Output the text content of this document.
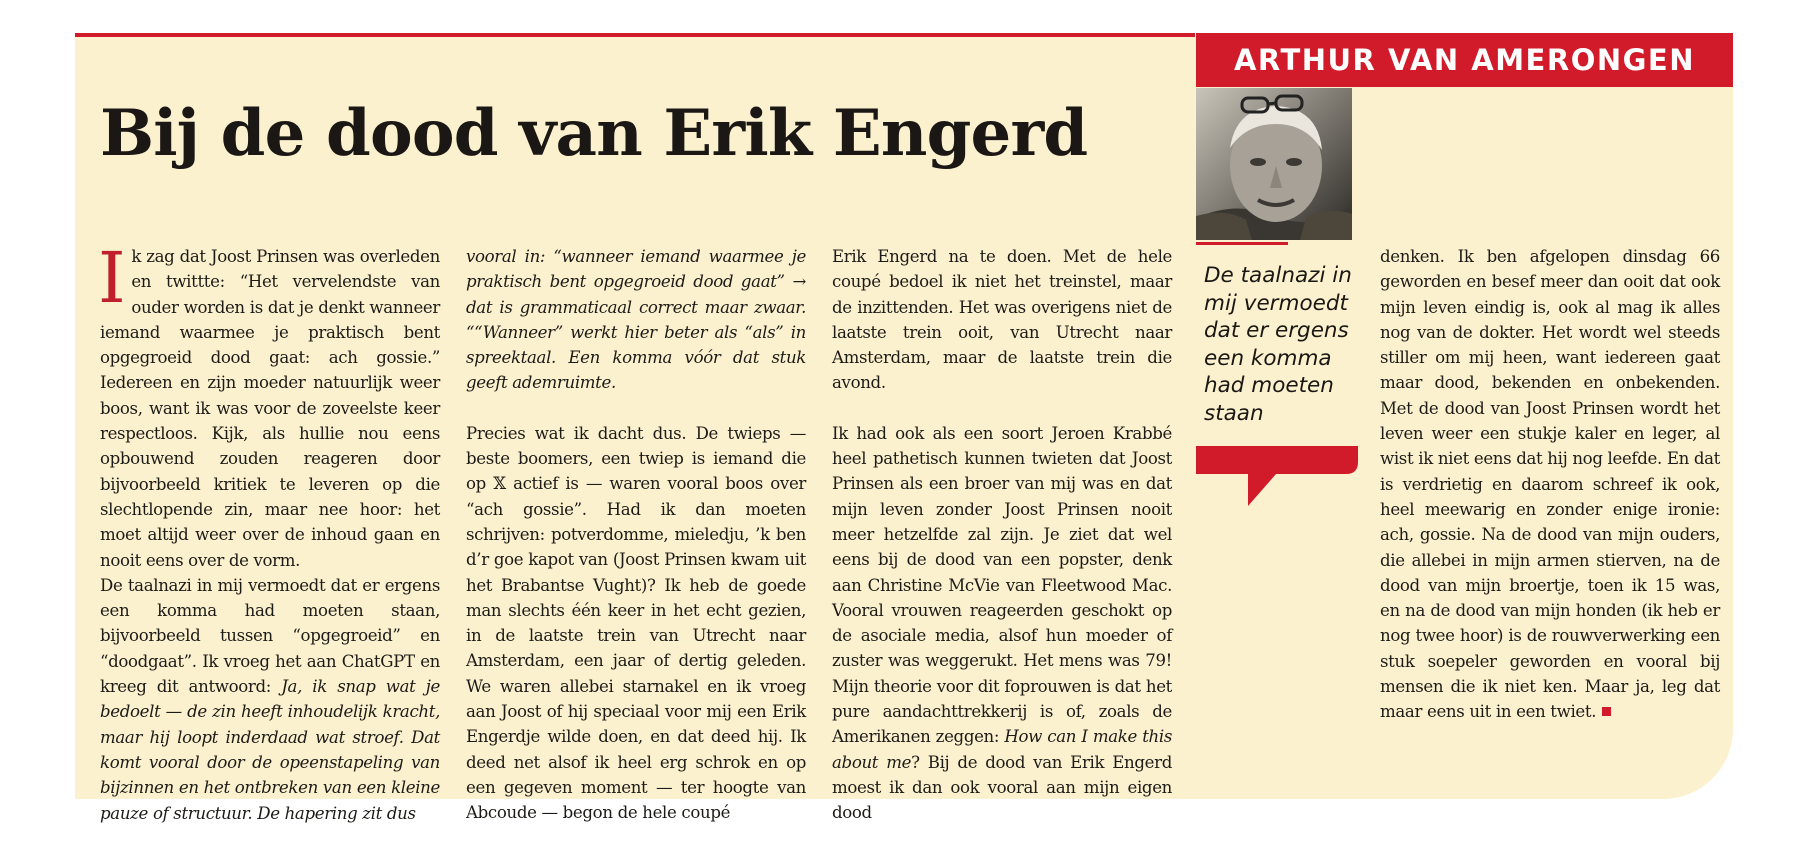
ARTHUR VAN AMERONGEN
Bij de dood van Erik Engerd

Ik zag dat Joost Prinsen was overleden en twittte: “Het vervelendste van ouder worden is dat je denkt wanneer iemand waarmee je praktisch bent opgegroeid dood gaat: ach gossie.” Iedereen en zijn moeder natuurlijk weer boos, want ik was voor de zoveelste keer respectloos. Kijk, als hullie nou eens opbouwend zouden reageren door bijvoorbeeld kritiek te leveren op die slechtlopende zin, maar nee hoor: het moet altijd weer over de inhoud gaan en nooit eens over de vorm.

De taalnazi in mij vermoedt dat er ergens een komma had moeten staan, bijvoorbeeld tussen “opgegroeid” en “doodgaat”. Ik vroeg het aan ChatGPT en kreeg dit antwoord: Ja, ik snap wat je bedoelt — de zin heeft inhoudelijk kracht, maar hij loopt inderdaad wat stroef. Dat komt vooral door de opeenstapeling van bijzinnen en het ontbreken van een kleine pauze of structuur. De hapering zit dus

vooral in: “wanneer iemand waarmee je praktisch bent opgegroeid dood gaat” → dat is grammaticaal correct maar zwaar. ““Wanneer” werkt hier beter als “als” in spreektaal. Een komma vóór dat stuk geeft ademruimte.

Precies wat ik dacht dus. De twieps — beste boomers, een twiep is iemand die op 𝕏 actief is — waren vooral boos over “ach gossie”. Had ik dan moeten schrijven: potverdomme, mieledju, ’k ben d’r goe kapot van (Joost Prinsen kwam uit het Brabantse Vught)? Ik heb de goede man slechts één keer in het echt gezien, in de laatste trein van Utrecht naar Amsterdam, een jaar of dertig geleden. We waren allebei starnakel en ik vroeg aan Joost of hij speciaal voor mij een Erik Engerdje wilde doen, en dat deed hij. Ik deed net alsof ik heel erg schrok en op een gegeven moment — ter hoogte van Abcoude — begon de hele coupé

Erik Engerd na te doen. Met de hele coupé bedoel ik niet het treinstel, maar de inzittenden. Het was overigens niet de laatste trein ooit, van Utrecht naar Amsterdam, maar de laatste trein die avond.

Ik had ook als een soort Jeroen Krabbé heel pathetisch kunnen twieten dat Joost Prinsen als een broer van mij was en dat mijn leven zonder Joost Prinsen nooit meer hetzelfde zal zijn. Je ziet dat wel eens bij de dood van een popster, denk aan Christine McVie van Fleetwood Mac. Vooral vrouwen reageerden geschokt op de asociale media, alsof hun moeder of zuster was weggerukt. Het mens was 79! Mijn theorie voor dit foprouwen is dat het pure aandachttrekkerij is of, zoals de Amerikanen zeggen: How can I make this about me? Bij de dood van Erik Engerd moest ik dan ook vooral aan mijn eigen dood

De taalnazi in mij vermoedt dat er ergens een komma had moeten staan

denken. Ik ben afgelopen dinsdag 66 geworden en besef meer dan ooit dat ook mijn leven eindig is, ook al mag ik alles nog van de dokter. Het wordt wel steeds stiller om mij heen, want iedereen gaat maar dood, bekenden en onbekenden. Met de dood van Joost Prinsen wordt het leven weer een stukje kaler en leger, al wist ik niet eens dat hij nog leefde. En dat is verdrietig en daarom schreef ik ook, heel meewarig en zonder enige ironie: ach, gossie. Na de dood van mijn ouders, die allebei in mijn armen stierven, na de dood van mijn broertje, toen ik 15 was, en na de dood van mijn honden (ik heb er nog twee hoor) is de rouwverwerking een stuk soepeler geworden en vooral bij mensen die ik niet ken. Maar ja, leg dat maar eens uit in een twiet.
